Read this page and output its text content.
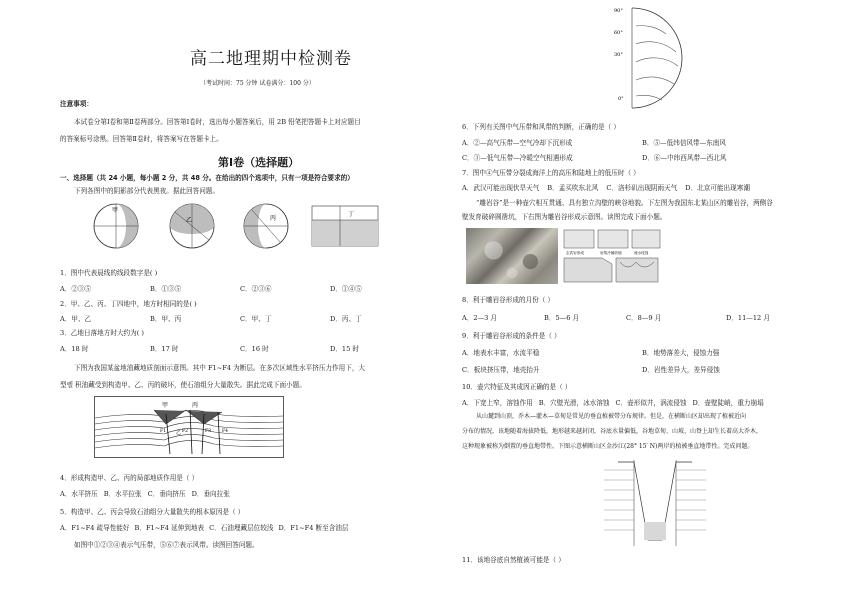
高二地理期中检测卷
（考试时间：75 分钟 试卷满分：100 分）
注意事项：
本试卷分第Ⅰ卷和第Ⅱ卷两部分。回答第Ⅰ卷时，选出每小题答案后，用 2B 铅笔把答题卡上对应题目
的答案标号涂黑。回答第Ⅱ卷时，将答案写在答题卡上。
第Ⅰ卷（选择题）
一、选择题（共 24 小题，每小题 2 分，共 48 分。在给出的四个选项中，只有一项是符合要求的）
下列各图中的阴影部分代表黑夜。据此回答问题。
甲
乙	丙
丁
1．图中代表晨线的线段数字是( )
A．②③⑤	B．①③⑤	C．②③⑥	D．①④⑤
2．甲、乙、丙、丁四地中，地方时相同的是( )
A．甲、乙	B．甲、丙	C．甲、丁	D．丙、丁
3．乙地日落地方时大约为( )
A．18 时	B．17 时	C．16 时	D．15 时
下图为我国某盆地油藏地质剖面示意图。其中 F1~F4 为断层。在多次区域性水平挤压力作用下，大
型렐 积油藏受到构造甲、乙、丙的破坏，使石油组分大量散失。据此完成下面小题。
甲	丙
乙
F1	F2	F3 F4
4．形成构造甲、乙、丙的局部地质作用是（ ）
A．水平挤压 B．水平拉张 C．垂向挤压 D．垂向拉张
5．构造甲、乙、丙会导致石油组分大量散失的根本原因是（ ）
A．F1~F4 疏导性能好 B．F1~F4 延伸到地表 C．石油埋藏层位较浅 D．F1~F4 断至含油层
如图中①②③④表示气压带，⑤⑥⑦表示风带。读图回答问题。
90°
60°
30°
0°
6．下列有关图中气压带和风带的判断，正确的是（ ）
A．②—高气压带—空气冷却下沉形成	B．⑤—低纬信风带—东南风
C．③—低气压带—冷暖空气相遇形成	D．⑥—中纬西风带—西北风
7．图中④气压带分裂成海洋上的高压和陆地上的低压时（ ）
A．武汉可能出现伏旱天气 B．孟买吹东北风 C．洛杉矶出现阴雨天气 D．北京可能出现寒潮
“雕岩谷”是一种壶穴相互贯通、具有独立沟壁的峡谷地貌。下左图为我国东北某山区的雕岩谷，两侧谷
壁发育破碎圆凿坑，下右图为雕岩谷形成示意图。读图完成下面小题。
玄武岩形成	岩浆冷凝收缩	流水侵蚀
8．利于雕岩谷形成的月份（ ）
A．2—3 月	B．5—6 月	C．8—9 月	D．11—12 月
9．利于雕岩谷形成的条件是（ ）
A．地表水丰富，水流平稳	B．地势落差大，侵蚀力强
C．板块挤压带，地壳抬升	D．岩性差异大，差异侵蚀
10．壶穴特征及其成因正确的是（ ）
A．下宽上窄，溶蚀作用 B．穴壁光滑，冰水溶蚀 C．壶形似井，涡流侵蚀 D．壶壁陡峭，重力崩塌
从山麓到山顶，乔木—灌木—草甸是常见的垂直植被带分布规律。但是，在横断山区却出现了植被近向
分布的情况，该地随着海拔降低，地形越来越封闭，谷底水量偏低，谷地草甸、山坡、山脊上却生长着高大乔木，
这种现象被称为倒置的垂直地带性。下图示意横断山区金沙江(28° 15′ N)两岸的植被垂直地带性。完成问题。
11．该地谷底自然植被可能是（ ）
